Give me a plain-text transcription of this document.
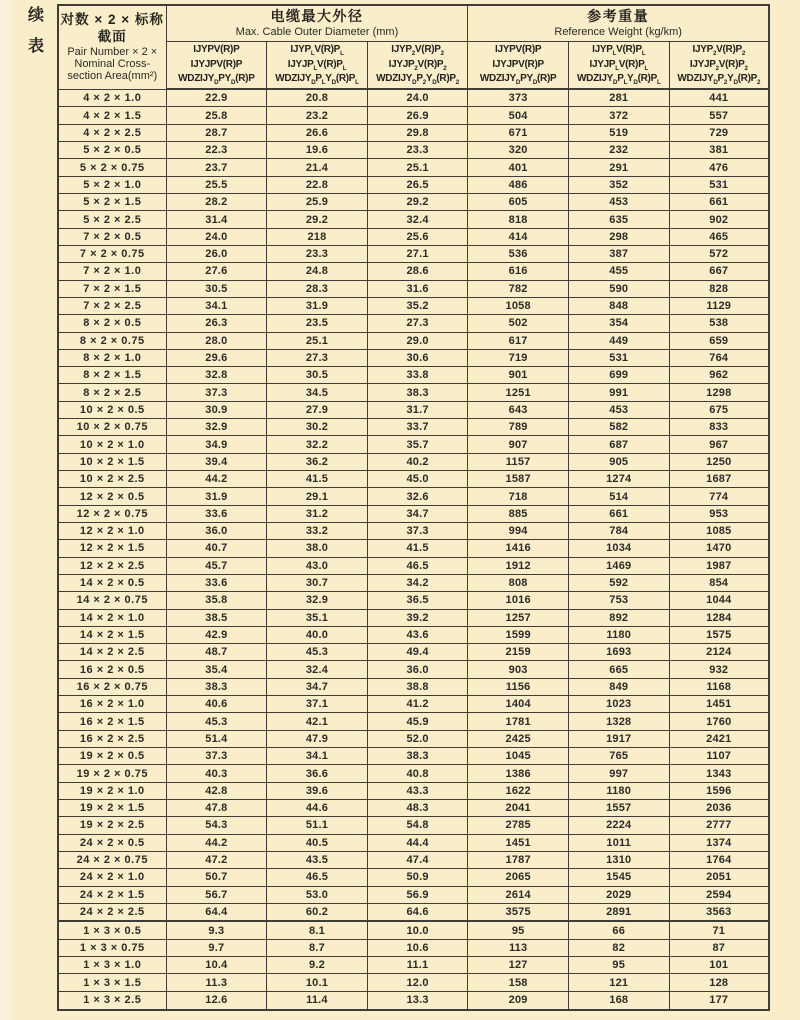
续
表
对数 × 2 × 标称
截面
Pair Number × 2 ×
Nominal Cross-
section Area(mm²)

电缆最大外径
Max. Cable Outer Diameter (mm)

参考重量
Reference Weight (kg/km)

IJYPV(R)P
IJYJPV(R)P
$WDZIJY_DPY_D(R)P$

$IJYP_LV(R)P_L$
$IJYJP_LV(R)P_L$
$WDZIJY_DP_LY_D(R)P_L$

$IJYP_2V(R)P_2$
$IJYJP_2V(R)P_2$
$WDZIJY_DP_2Y_D(R)P_2$

IJYPV(R)P
IJYJPV(R)P
$WDZIJY_DPY_D(R)P$

$IJYP_LV(R)P_L$
$IJYJP_LV(R)P_L$
$WDZIJY_DP_LY_D(R)P_L$

$IJYP_2V(R)P_2$
$IJYJP_2V(R)P_2$
$WDZIJY_DP_2Y_D(R)P_2$

4 × 2 × 1.0	22.9	20.8	24.0	373	281	441
4 × 2 × 1.5	25.8	23.2	26.9	504	372	557
4 × 2 × 2.5	28.7	26.6	29.8	671	519	729
5 × 2 × 0.5	22.3	19.6	23.3	320	232	381
5 × 2 × 0.75	23.7	21.4	25.1	401	291	476
5 × 2 × 1.0	25.5	22.8	26.5	486	352	531
5 × 2 × 1.5	28.2	25.9	29.2	605	453	661
5 × 2 × 2.5	31.4	29.2	32.4	818	635	902
7 × 2 × 0.5	24.0	218	25.6	414	298	465
7 × 2 × 0.75	26.0	23.3	27.1	536	387	572
7 × 2 × 1.0	27.6	24.8	28.6	616	455	667
7 × 2 × 1.5	30.5	28.3	31.6	782	590	828
7 × 2 × 2.5	34.1	31.9	35.2	1058	848	1129
8 × 2 × 0.5	26.3	23.5	27.3	502	354	538
8 × 2 × 0.75	28.0	25.1	29.0	617	449	659
8 × 2 × 1.0	29.6	27.3	30.6	719	531	764
8 × 2 × 1.5	32.8	30.5	33.8	901	699	962
8 × 2 × 2.5	37.3	34.5	38.3	1251	991	1298
10 × 2 × 0.5	30.9	27.9	31.7	643	453	675
10 × 2 × 0.75	32.9	30.2	33.7	789	582	833
10 × 2 × 1.0	34.9	32.2	35.7	907	687	967
10 × 2 × 1.5	39.4	36.2	40.2	1157	905	1250
10 × 2 × 2.5	44.2	41.5	45.0	1587	1274	1687
12 × 2 × 0.5	31.9	29.1	32.6	718	514	774
12 × 2 × 0.75	33.6	31.2	34.7	885	661	953
12 × 2 × 1.0	36.0	33.2	37.3	994	784	1085
12 × 2 × 1.5	40.7	38.0	41.5	1416	1034	1470
12 × 2 × 2.5	45.7	43.0	46.5	1912	1469	1987
14 × 2 × 0.5	33.6	30.7	34.2	808	592	854
14 × 2 × 0.75	35.8	32.9	36.5	1016	753	1044
14 × 2 × 1.0	38.5	35.1	39.2	1257	892	1284
14 × 2 × 1.5	42.9	40.0	43.6	1599	1180	1575
14 × 2 × 2.5	48.7	45.3	49.4	2159	1693	2124
16 × 2 × 0.5	35.4	32.4	36.0	903	665	932
16 × 2 × 0.75	38.3	34.7	38.8	1156	849	1168
16 × 2 × 1.0	40.6	37.1	41.2	1404	1023	1451
16 × 2 × 1.5	45.3	42.1	45.9	1781	1328	1760
16 × 2 × 2.5	51.4	47.9	52.0	2425	1917	2421
19 × 2 × 0.5	37.3	34.1	38.3	1045	765	1107
19 × 2 × 0.75	40.3	36.6	40.8	1386	997	1343
19 × 2 × 1.0	42.8	39.6	43.3	1622	1180	1596
19 × 2 × 1.5	47.8	44.6	48.3	2041	1557	2036
19 × 2 × 2.5	54.3	51.1	54.8	2785	2224	2777
24 × 2 × 0.5	44.2	40.5	44.4	1451	1011	1374
24 × 2 × 0.75	47.2	43.5	47.4	1787	1310	1764
24 × 2 × 1.0	50.7	46.5	50.9	2065	1545	2051
24 × 2 × 1.5	56.7	53.0	56.9	2614	2029	2594
24 × 2 × 2.5	64.4	60.2	64.6	3575	2891	3563
1 × 3 × 0.5	9.3	8.1	10.0	95	66	71
1 × 3 × 0.75	9.7	8.7	10.6	113	82	87
1 × 3 × 1.0	10.4	9.2	11.1	127	95	101
1 × 3 × 1.5	11.3	10.1	12.0	158	121	128
1 × 3 × 2.5	12.6	11.4	13.3	209	168	177
